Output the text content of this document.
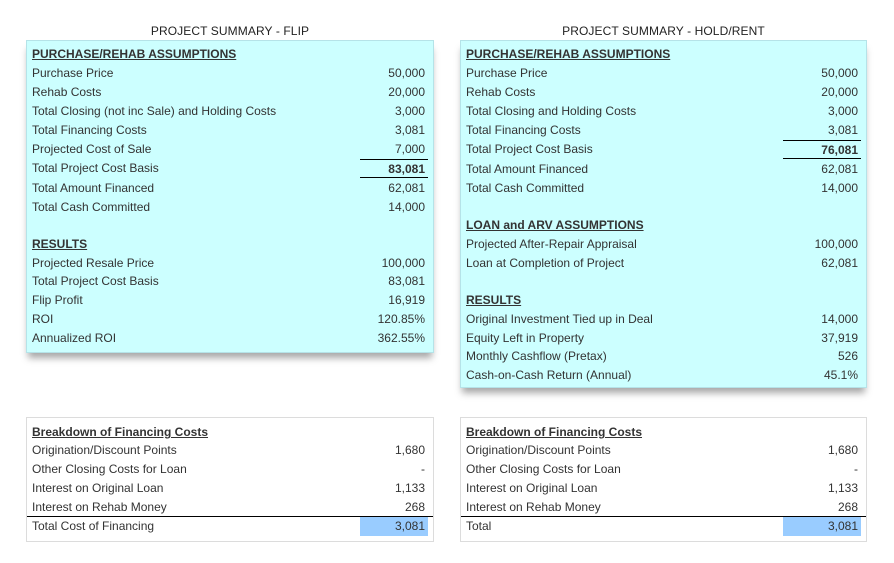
PROJECT SUMMARY - FLIP
PURCHASE/REHAB ASSUMPTIONS
Purchase Price	50,000
Rehab Costs	20,000
Total Closing (not inc Sale) and Holding Costs	3,000
Total Financing Costs	3,081
Projected Cost of Sale	7,000
Total Project Cost Basis	83,081
Total Amount Financed	62,081
Total Cash Committed	14,000
RESULTS
Projected Resale Price	100,000
Total Project Cost Basis	83,081
Flip Profit	16,919
ROI	120.85%
Annualized ROI	362.55%
Breakdown of Financing Costs
Origination/Discount Points	1,680
Other Closing Costs for Loan	-
Interest on Original Loan	1,133
Interest on Rehab Money	268
Total Cost of Financing	3,081
PROJECT SUMMARY - HOLD/RENT
PURCHASE/REHAB ASSUMPTIONS
Purchase Price	50,000
Rehab Costs	20,000
Total Closing and Holding Costs	3,000
Total Financing Costs	3,081
Total Project Cost Basis	76,081
Total Amount Financed	62,081
Total Cash Committed	14,000
LOAN and ARV ASSUMPTIONS
Projected After-Repair Appraisal	100,000
Loan at Completion of Project	62,081
RESULTS
Original Investment Tied up in Deal	14,000
Equity Left in Property	37,919
Monthly Cashflow (Pretax)	526
Cash-on-Cash Return (Annual)	45.1%
Breakdown of Financing Costs
Origination/Discount Points	1,680
Other Closing Costs for Loan	-
Interest on Original Loan	1,133
Interest on Rehab Money	268
Total	3,081
